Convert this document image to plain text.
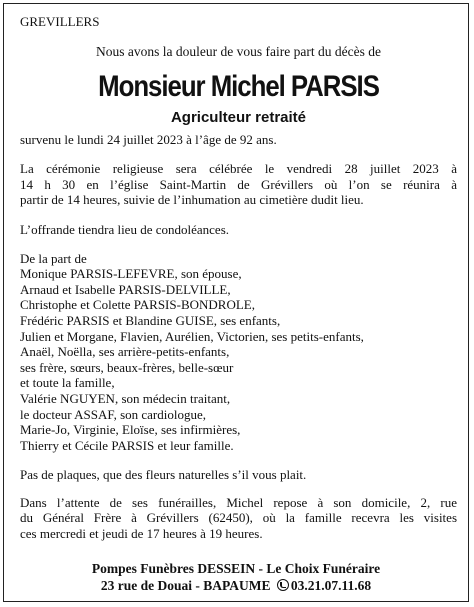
GREVILLERS
Nous avons la douleur de vous faire part du décès de
Monsieur Michel PARSIS
Agriculteur retraité
survenu le lundi 24 juillet 2023 à l’âge de 92 ans.
La cérémonie religieuse sera célébrée le vendredi 28 juillet 2023 à
14 h 30 en l’église Saint-Martin de Grévillers où l’on se réunira à
partir de 14 heures, suivie de l’inhumation au cimetière dudit lieu.
L’offrande tiendra lieu de condoléances.
De la part de
Monique PARSIS-LEFEVRE, son épouse,
Arnaud et Isabelle PARSIS-DELVILLE,
Christophe et Colette PARSIS-BONDROLE,
Frédéric PARSIS et Blandine GUISE, ses enfants,
Julien et Morgane, Flavien, Aurélien, Victorien, ses petits-enfants,
Anaël, Noëlla, ses arrière-petits-enfants,
ses frère, sœurs, beaux-frères, belle-sœur
et toute la famille,
Valérie NGUYEN, son médecin traitant,
le docteur ASSAF, son cardiologue,
Marie-Jo, Virginie, Eloïse, ses infirmières,
Thierry et Cécile PARSIS et leur famille.
Pas de plaques, que des fleurs naturelles s’il vous plait.
Dans l’attente de ses funérailles, Michel repose à son domicile, 2, rue
du Général Frère à Grévillers (62450), où la famille recevra les visites
ces mercredi et jeudi de 17 heures à 19 heures.
Pompes Funèbres DESSEIN - Le Choix Funéraire
23 rue de Douai - BAPAUME 03.21.07.11.68
